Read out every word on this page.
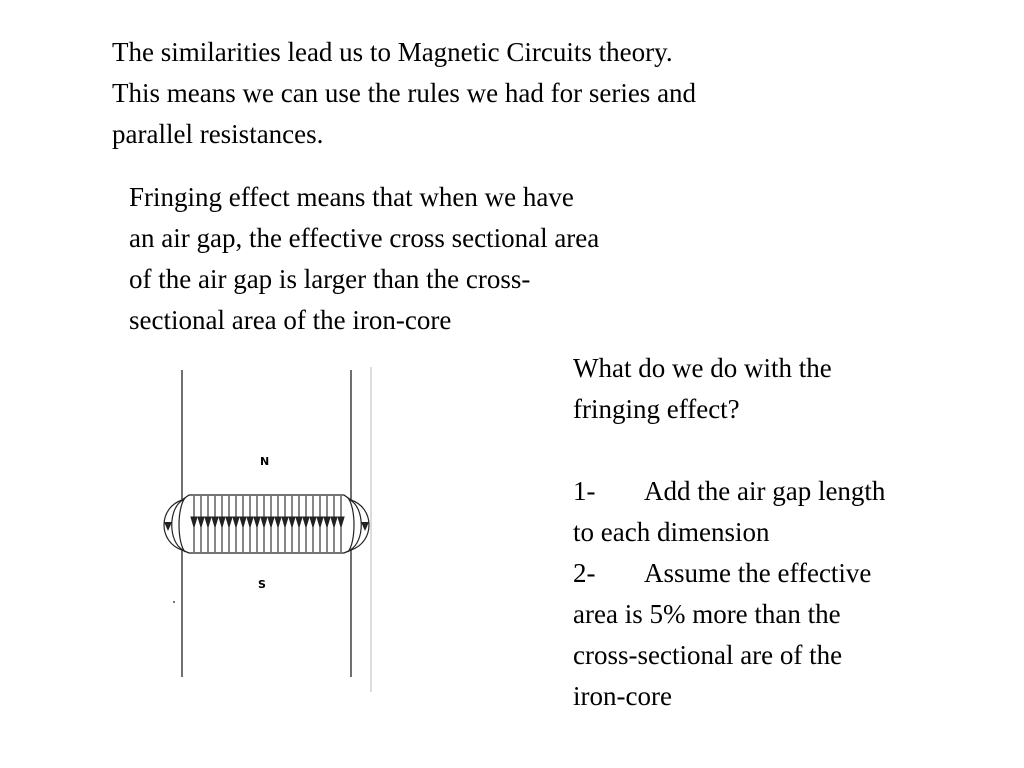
The similarities lead us to Magnetic Circuits theory.
This means we can use the rules we had for series and
parallel resistances.
Fringing effect means that when we have
an air gap, the effective cross sectional area
of the air gap is larger than the cross-
sectional area of the iron-core
What do we do with the
fringing effect?

1- Add the air gap length
to each dimension
2- Assume the effective
area is 5% more than the
cross-sectional are of the
iron-core
N
S
